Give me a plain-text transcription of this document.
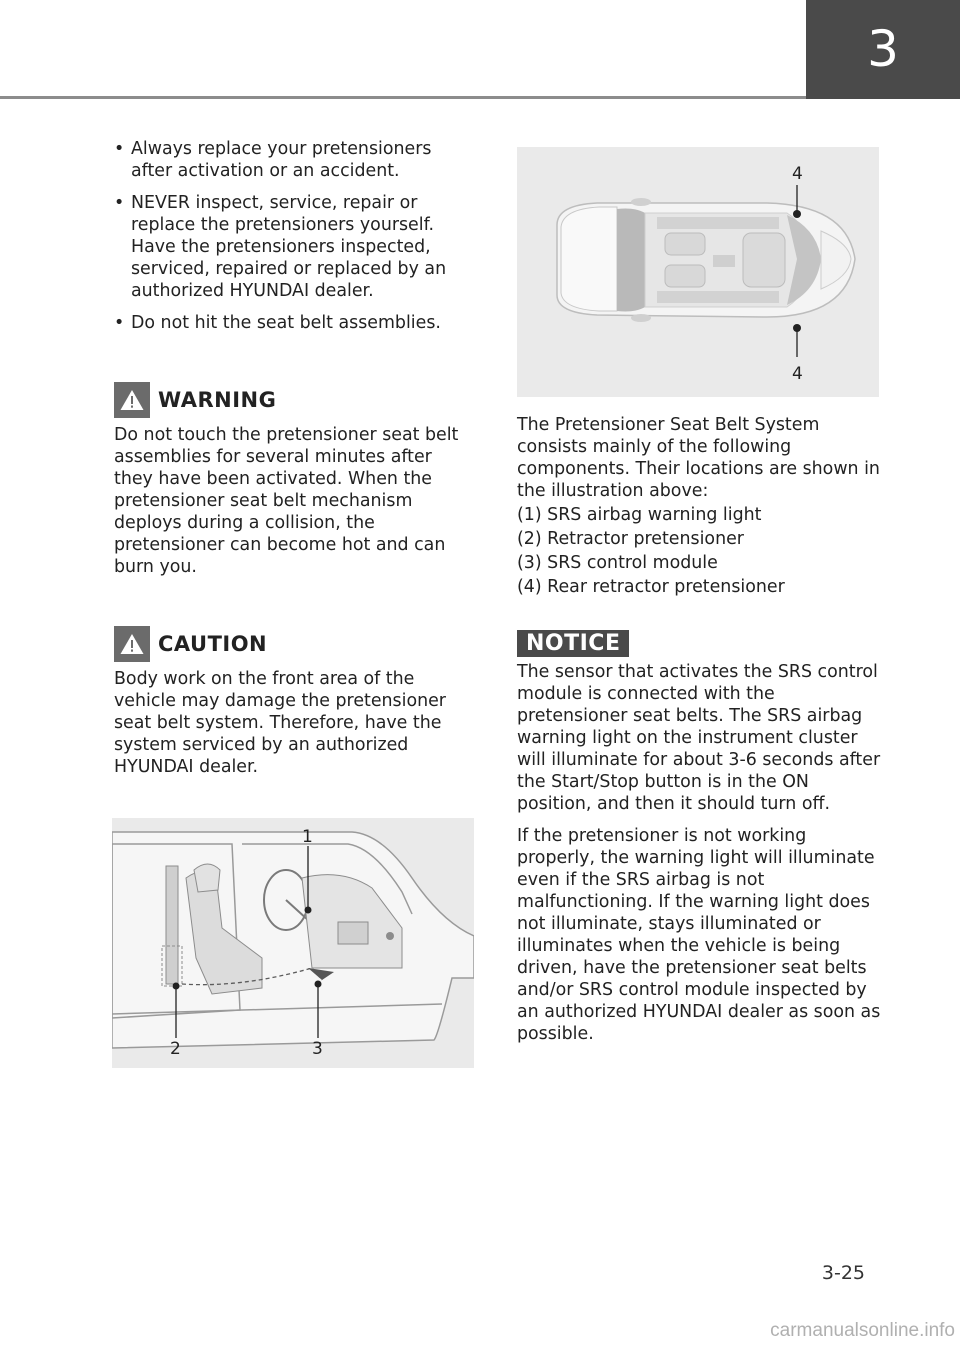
3
• Always replace your pretensioners after activation or an accident.
• NEVER inspect, service, repair or replace the pretensioners yourself. Have the pretensioners inspected, serviced, repaired or replaced by an authorized HYUNDAI dealer.
• Do not hit the seat belt assemblies.
WARNING

Do not touch the pretensioner seat belt assemblies for several minutes after they have been activated. When the pretensioner seat belt mechanism deploys during a collision, the pretensioner can become hot and can burn you.

CAUTION

Body work on the front area of the vehicle may damage the pretensioner seat belt system. Therefore, have the system serviced by an authorized HYUNDAI dealer.

4
4

The Pretensioner Seat Belt System consists mainly of the following components. Their locations are shown in the illustration above:

(1) SRS airbag warning light
(2) Retractor pretensioner
(3) SRS control module
(4) Rear retractor pretensioner
NOTICE

The sensor that activates the SRS control module is connected with the pretensioner seat belts. The SRS airbag warning light on the instrument cluster will illuminate for about 3-6 seconds after the Start/Stop button is in the ON position, and then it should turn off.

If the pretensioner is not working properly, the warning light will illuminate even if the SRS airbag is not malfunctioning. If the warning light does not illuminate, stays illuminated or illuminates when the vehicle is being driven, have the pretensioner seat belts and/or SRS control module inspected by an authorized HYUNDAI dealer as soon as possible.

1
2	3
3-25
carmanualsonline.info
